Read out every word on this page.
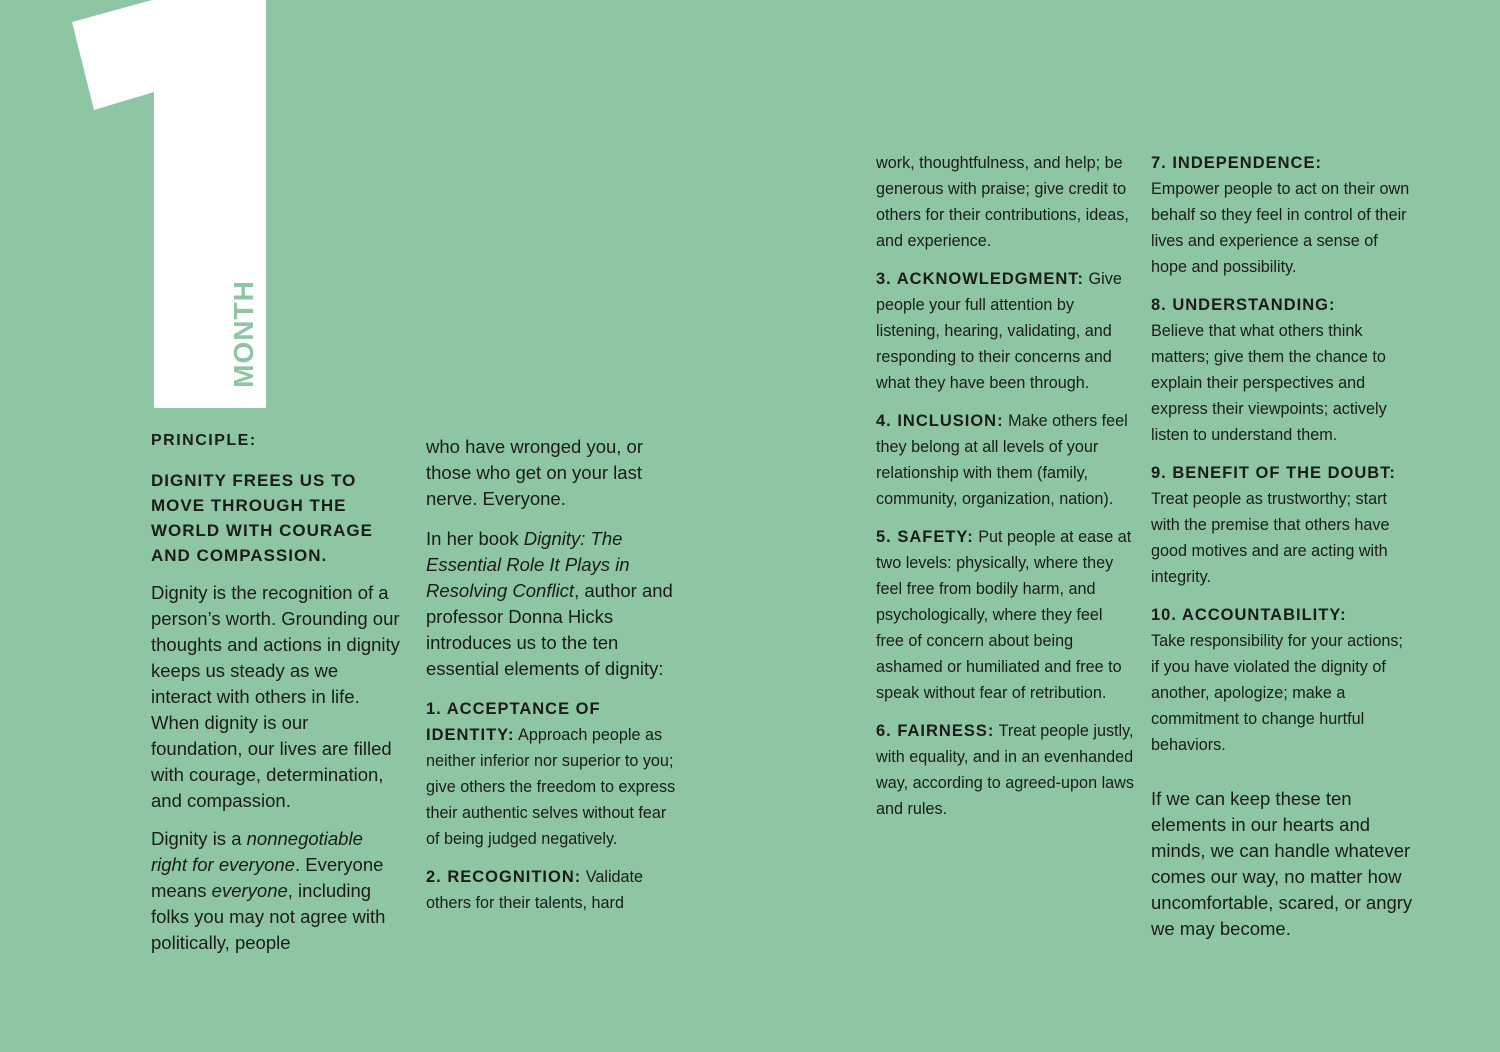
MONTH

PRINCIPLE:

DIGNITY FREES US TO MOVE THROUGH THE WORLD WITH COURAGE AND COMPASSION.

Dignity is the recognition of a person’s worth. Grounding our thoughts and actions in dignity keeps us steady as we interact with others in life. When dignity is our foundation, our lives are filled with courage, determination, and compassion.

Dignity is a nonnegotiable right for everyone. Everyone means everyone, including folks you may not agree with politically, people

who have wronged you, or those who get on your last nerve. Everyone.

In her book Dignity: The Essential Role It Plays in Resolving Conflict, author and professor Donna Hicks introduces us to the ten essential elements of dignity:

1. ACCEPTANCE OF IDENTITY: Approach people as neither inferior nor superior to you; give others the freedom to express their authentic selves without fear of being judged negatively.

2. RECOGNITION: Validate others for their talents, hard

work, thoughtfulness, and help; be generous with praise; give credit to others for their contributions, ideas, and experience.

3. ACKNOWLEDGMENT: Give people your full attention by listening, hearing, validating, and responding to their concerns and what they have been through.

4. INCLUSION: Make others feel they belong at all levels of your relationship with them (family, community, organization, nation).

5. SAFETY: Put people at ease at two levels: physically, where they feel free from bodily harm, and psychologically, where they feel free of concern about being ashamed or humiliated and free to speak without fear of retribution.

6. FAIRNESS: Treat people justly, with equality, and in an evenhanded way, according to agreed-upon laws and rules.

7. INDEPENDENCE:
Empower people to act on their own behalf so they feel in control of their lives and experience a sense of hope and possibility.

8. UNDERSTANDING:
Believe that what others think matters; give them the chance to explain their perspectives and express their viewpoints; actively listen to understand them.

9. BENEFIT OF THE DOUBT: Treat people as trustworthy; start with the premise that others have good motives and are acting with integrity.

10. ACCOUNTABILITY:
Take responsibility for your actions; if you have violated the dignity of another, apologize; make a commitment to change hurtful behaviors.

If we can keep these ten elements in our hearts and minds, we can handle whatever comes our way, no matter how uncomfortable, scared, or angry we may become.
